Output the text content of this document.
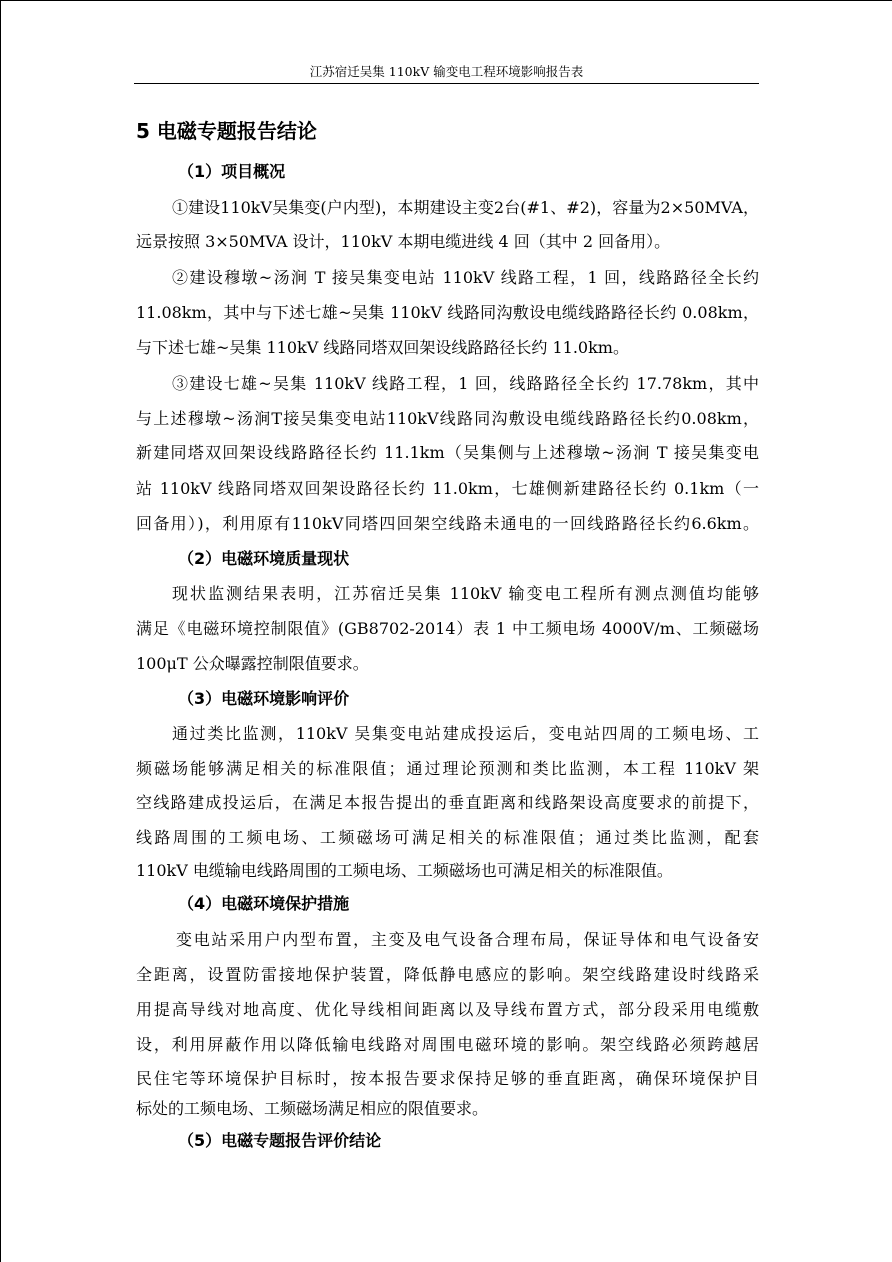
江苏宿迁吴集 110kV 输变电工程环境影响报告表
5 电磁专题报告结论
（1）项目概况
①建设110kV吴集变(户内型)，本期建设主变2台(#1、#2)，容量为2×50MVA，
远景按照 3×50MVA 设计，110kV 本期电缆进线 4 回（其中 2 回备用）。
②建设穆墩~汤涧 T 接吴集变电站 110kV 线路工程，1 回，线路路径全长约
11.08km，其中与下述七雄~吴集 110kV 线路同沟敷设电缆线路路径长约 0.08km，
与下述七雄~吴集 110kV 线路同塔双回架设线路路径长约 11.0km。
③建设七雄~吴集 110kV 线路工程，1 回，线路路径全长约 17.78km，其中
与上述穆墩~汤涧T接吴集变电站110kV线路同沟敷设电缆线路路径长约0.08km，
新建同塔双回架设线路路径长约 11.1km（吴集侧与上述穆墩~汤涧 T 接吴集变电
站 110kV 线路同塔双回架设路径长约 11.0km，七雄侧新建路径长约 0.1km（一
回备用）)，利用原有110kV同塔四回架空线路未通电的一回线路路径长约6.6km。
（2）电磁环境质量现状
现状监测结果表明，江苏宿迁吴集 110kV 输变电工程所有测点测值均能够
满足《电磁环境控制限值》(GB8702-2014）表 1 中工频电场 4000V/m、工频磁场
100μT 公众曝露控制限值要求。
（3）电磁环境影响评价
通过类比监测，110kV 吴集变电站建成投运后，变电站四周的工频电场、工
频磁场能够满足相关的标准限值；通过理论预测和类比监测，本工程 110kV 架
空线路建成投运后，在满足本报告提出的垂直距离和线路架设高度要求的前提下，
线路周围的工频电场、工频磁场可满足相关的标准限值；通过类比监测，配套
110kV 电缆输电线路周围的工频电场、工频磁场也可满足相关的标准限值。
（4）电磁环境保护措施
变电站采用户内型布置，主变及电气设备合理布局，保证导体和电气设备安
全距离，设置防雷接地保护装置，降低静电感应的影响。架空线路建设时线路采
用提高导线对地高度、优化导线相间距离以及导线布置方式，部分段采用电缆敷
设，利用屏蔽作用以降低输电线路对周围电磁环境的影响。架空线路必须跨越居
民住宅等环境保护目标时，按本报告要求保持足够的垂直距离，确保环境保护目
标处的工频电场、工频磁场满足相应的限值要求。
（5）电磁专题报告评价结论
